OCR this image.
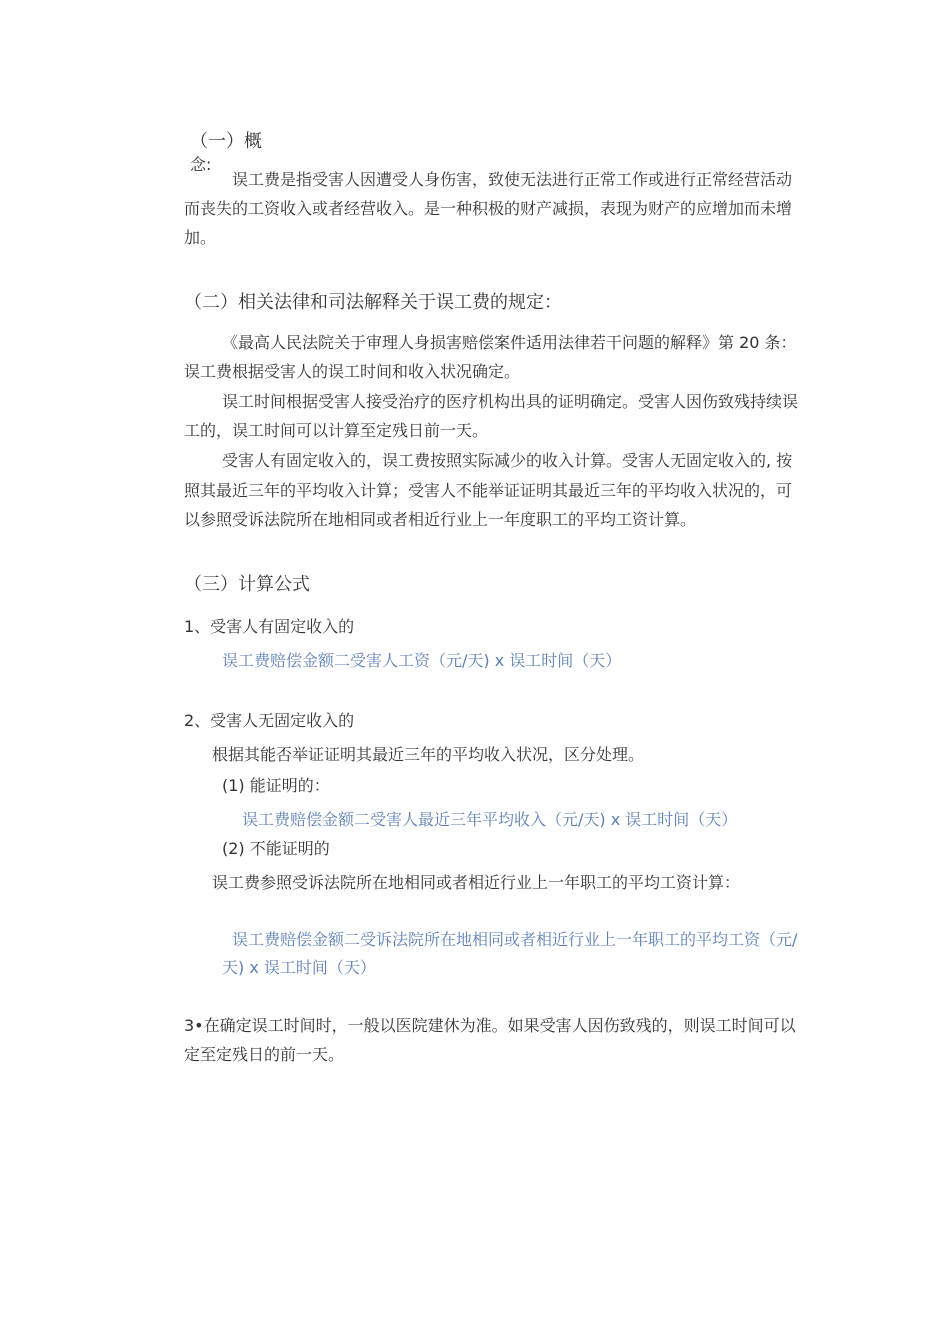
（一）概
念:
误工费是指受害人因遭受人身伤害，致使无法进行正常工作或进行正常经营活动
而丧失的工资收入或者经营收入。是一种积极的财产减损，表现为财产的应增加而未增
加。
（二）相关法律和司法解释关于误工费的规定：
《最高人民法院关于审理人身损害赔偿案件适用法律若干问题的解释》第 20 条：
误工费根据受害人的误工时间和收入状况确定。
误工时间根据受害人接受治疗的医疗机构出具的证明确定。受害人因伤致残持续误
工的，误工时间可以计算至定残日前一天。
受害人有固定收入的，误工费按照实际减少的收入计算。受害人无固定收入的, 按
照其最近三年的平均收入计算；受害人不能举证证明其最近三年的平均收入状况的，可
以参照受诉法院所在地相同或者相近行业上一年度职工的平均工资计算。
（三）计算公式
1、受害人有固定收入的
误工费赔偿金额二受害人工资（元/天) x 误工时间（天）
2、受害人无固定收入的
根据其能否举证证明其最近三年的平均收入状况，区分处理。
(1) 能证明的：
误工费赔偿金额二受害人最近三年平均收入（元/天) x 误工时间（天）
(2) 不能证明的
误工费参照受诉法院所在地相同或者相近行业上一年职工的平均工资计算：
误工费赔偿金额二受诉法院所在地相同或者相近行业上一年职工的平均工资（元/
天) x 误工时间（天）
3•在确定误工时间时，一般以医院建休为准。如果受害人因伤致残的，则误工时间可以
定至定残日的前一天。
